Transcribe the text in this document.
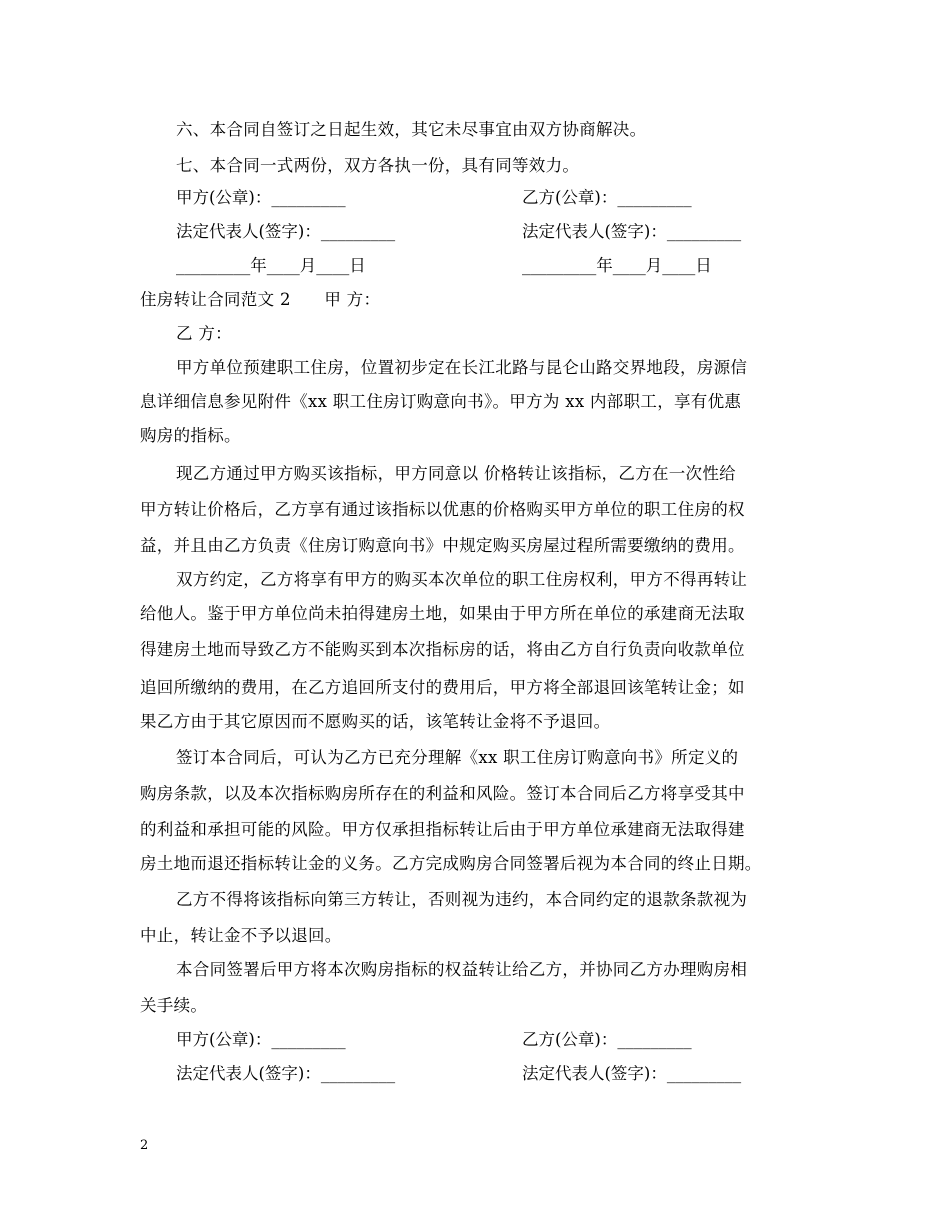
六、本合同自签订之日起生效，其它未尽事宜由双方协商解决。
七、本合同一式两份，双方各执一份，具有同等效力。
甲方(公章)：_________	乙方(公章)：_________
法定代表人(签字)：_________	法定代表人(签字)：_________
_________年____月____日	_________年____月____日
住房转让合同范文 2　　甲 方：
乙 方：
甲方单位预建职工住房，位置初步定在长江北路与昆仑山路交界地段，房源信
息详细信息参见附件《xx 职工住房订购意向书》。甲方为 xx 内部职工，享有优惠
购房的指标。
现乙方通过甲方购买该指标，甲方同意以 价格转让该指标，乙方在一次性给
甲方转让价格后，乙方享有通过该指标以优惠的价格购买甲方单位的职工住房的权
益，并且由乙方负责《住房订购意向书》中规定购买房屋过程所需要缴纳的费用。
双方约定，乙方将享有甲方的购买本次单位的职工住房权利，甲方不得再转让
给他人。鉴于甲方单位尚未拍得建房土地，如果由于甲方所在单位的承建商无法取
得建房土地而导致乙方不能购买到本次指标房的话，将由乙方自行负责向收款单位
追回所缴纳的费用，在乙方追回所支付的费用后，甲方将全部退回该笔转让金；如
果乙方由于其它原因而不愿购买的话，该笔转让金将不予退回。
签订本合同后，可认为乙方已充分理解《xx 职工住房订购意向书》所定义的
购房条款，以及本次指标购房所存在的利益和风险。签订本合同后乙方将享受其中
的利益和承担可能的风险。甲方仅承担指标转让后由于甲方单位承建商无法取得建
房土地而退还指标转让金的义务。乙方完成购房合同签署后视为本合同的终止日期。
乙方不得将该指标向第三方转让，否则视为违约，本合同约定的退款条款视为
中止，转让金不予以退回。
本合同签署后甲方将本次购房指标的权益转让给乙方，并协同乙方办理购房相
关手续。
甲方(公章)：_________	乙方(公章)：_________
法定代表人(签字)：_________	法定代表人(签字)：_________
2
